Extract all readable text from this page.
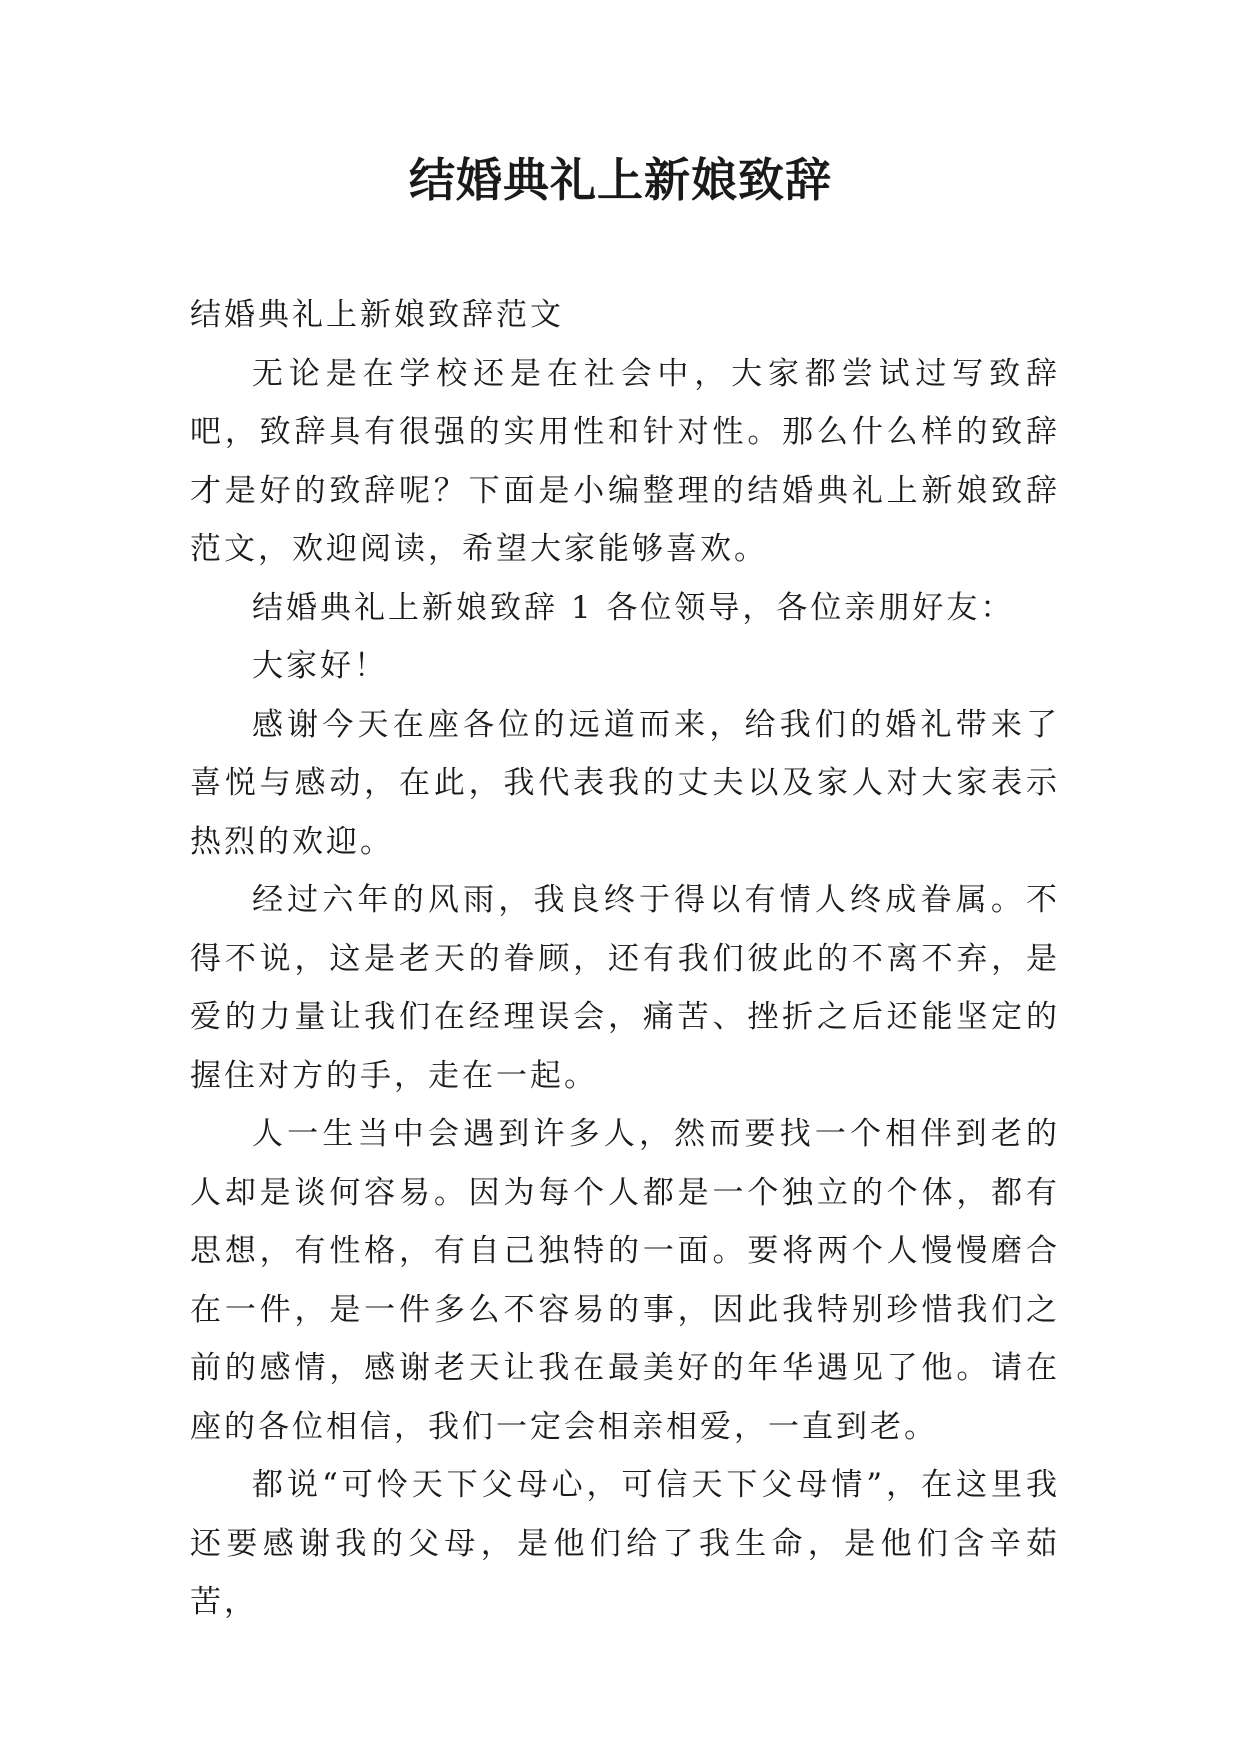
结婚典礼上新娘致辞

结婚典礼上新娘致辞范文

无论是在学校还是在社会中，大家都尝试过写致辞吧，致辞具有很强的实用性和针对性。那么什么样的致辞才是好的致辞呢？下面是小编整理的结婚典礼上新娘致辞范文，欢迎阅读，希望大家能够喜欢。

结婚典礼上新娘致辞 1 各位领导，各位亲朋好友：

大家好！

感谢今天在座各位的远道而来，给我们的婚礼带来了喜悦与感动，在此，我代表我的丈夫以及家人对大家表示热烈的欢迎。

经过六年的风雨，我良终于得以有情人终成眷属。不得不说，这是老天的眷顾，还有我们彼此的不离不弃，是爱的力量让我们在经理误会，痛苦、挫折之后还能坚定的握住对方的手，走在一起。

人一生当中会遇到许多人，然而要找一个相伴到老的人却是谈何容易。因为每个人都是一个独立的个体，都有思想，有性格，有自己独特的一面。要将两个人慢慢磨合在一件，是一件多么不容易的事，因此我特别珍惜我们之前的感情，感谢老天让我在最美好的年华遇见了他。请在座的各位相信，我们一定会相亲相爱，一直到老。

都说“可怜天下父母心，可信天下父母情”，在这里我还要感谢我的父母，是他们给了我生命，是他们含辛茹苦，
